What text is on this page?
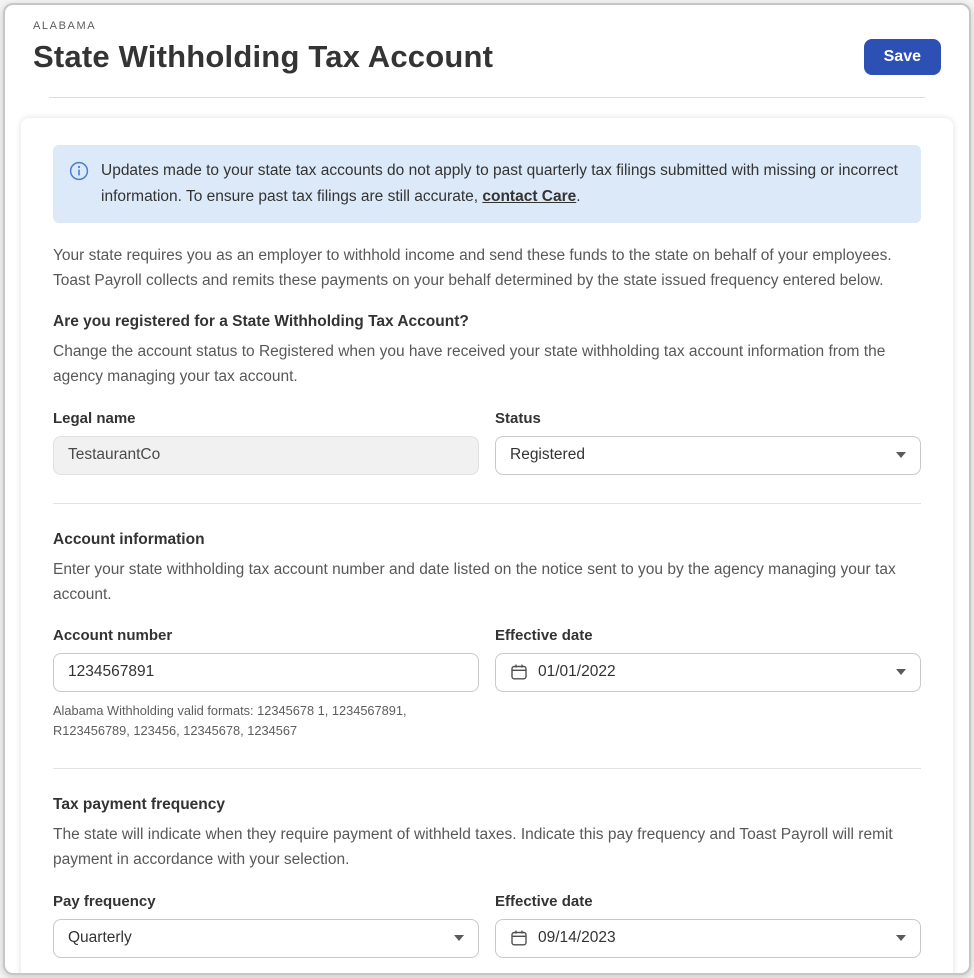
ALABAMA
State Withholding Tax Account	Save

Updates made to your state tax accounts do not apply to past quarterly tax filings submitted with missing or incorrect information. To ensure past tax filings are still accurate, contact Care.

Your state requires you as an employer to withhold income and send these funds to the state on behalf of your employees. Toast Payroll collects and remits these payments on your behalf determined by the state issued frequency entered below.

Are you registered for a State Withholding Tax Account?

Change the account status to Registered when you have received your state withholding tax account information from the agency managing your tax account.

Legal name
TestaurantCo	Status
Registered
Account information

Enter your state withholding tax account number and date listed on the notice sent to you by the agency managing your tax account.

Account number
1234567891

Alabama Withholding valid formats: 12345678 1, 1234567891, R123456789, 123456, 12345678, 1234567

Effective date
01/01/2022
Tax payment frequency

The state will indicate when they require payment of withheld taxes. Indicate this pay frequency and Toast Payroll will remit payment in accordance with your selection.

Pay frequency
Quarterly
Effective date
09/14/2023
